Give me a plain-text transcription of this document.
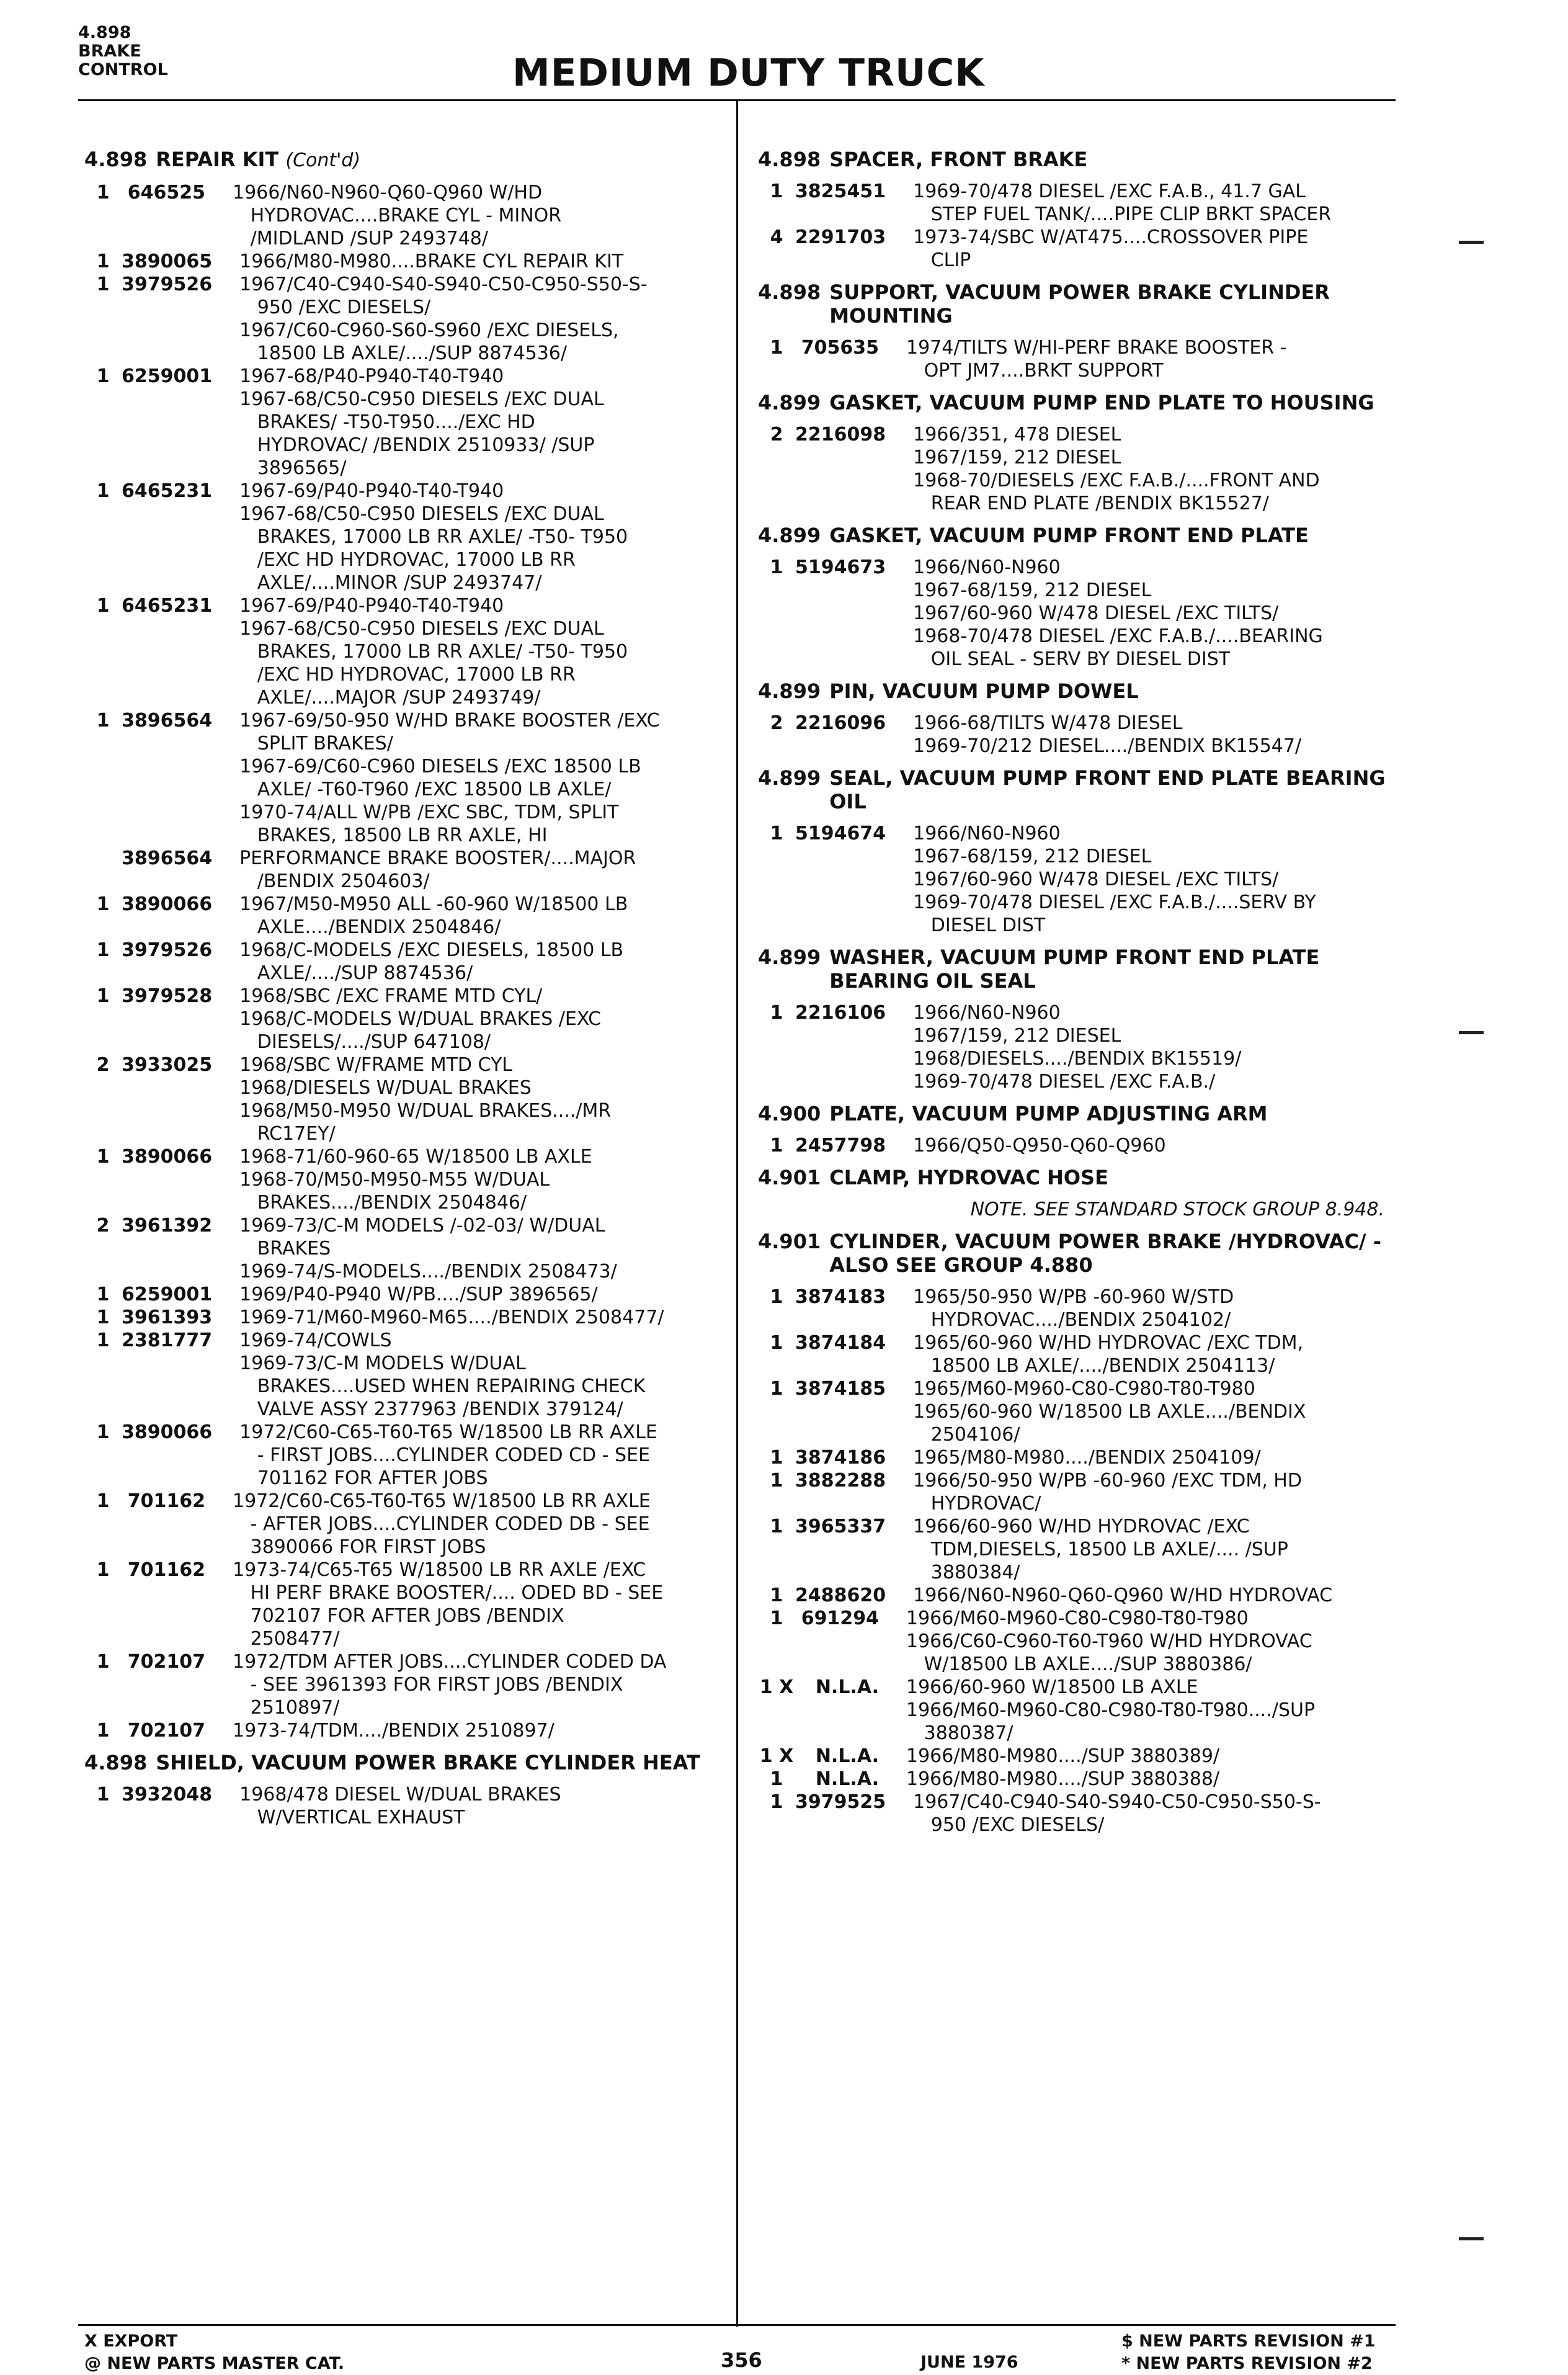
4.898
BRAKE
CONTROL	MEDIUM DUTY TRUCK
4.898 REPAIR KIT (Cont'd)
1 646525 1966/N60-N960-Q60-Q960 W/HD
HYDROVAC....BRAKE CYL - MINOR
/MIDLAND /SUP 2493748/
1 3890065 1966/M80-M980....BRAKE CYL REPAIR KIT
1 3979526 1967/C40-C940-S40-S940-C50-C950-S50-S-
950 /EXC DIESELS/
1967/C60-C960-S60-S960 /EXC DIESELS,
18500 LB AXLE/..../SUP 8874536/
1 6259001 1967-68/P40-P940-T40-T940
1967-68/C50-C950 DIESELS /EXC DUAL
BRAKES/ -T50-T950..../EXC HD
HYDROVAC/ /BENDIX 2510933/ /SUP
3896565/
1 6465231 1967-69/P40-P940-T40-T940
1967-68/C50-C950 DIESELS /EXC DUAL
BRAKES, 17000 LB RR AXLE/ -T50- T950
/EXC HD HYDROVAC, 17000 LB RR
AXLE/....MINOR /SUP 2493747/
1 6465231 1967-69/P40-P940-T40-T940
1967-68/C50-C950 DIESELS /EXC DUAL
BRAKES, 17000 LB RR AXLE/ -T50- T950
/EXC HD HYDROVAC, 17000 LB RR
AXLE/....MAJOR /SUP 2493749/
1 3896564 1967-69/50-950 W/HD BRAKE BOOSTER /EXC
SPLIT BRAKES/
1967-69/C60-C960 DIESELS /EXC 18500 LB
AXLE/ -T60-T960 /EXC 18500 LB AXLE/
1970-74/ALL W/PB /EXC SBC, TDM, SPLIT
BRAKES, 18500 LB RR AXLE, HI
3896564 PERFORMANCE BRAKE BOOSTER/....MAJOR
/BENDIX 2504603/
1 3890066 1967/M50-M950 ALL -60-960 W/18500 LB
AXLE..../BENDIX 2504846/
1 3979526 1968/C-MODELS /EXC DIESELS, 18500 LB
AXLE/..../SUP 8874536/
1 3979528 1968/SBC /EXC FRAME MTD CYL/
1968/C-MODELS W/DUAL BRAKES /EXC
DIESELS/..../SUP 647108/
2 3933025 1968/SBC W/FRAME MTD CYL
1968/DIESELS W/DUAL BRAKES
1968/M50-M950 W/DUAL BRAKES..../MR
RC17EY/
1 3890066 1968-71/60-960-65 W/18500 LB AXLE
1968-70/M50-M950-M55 W/DUAL
BRAKES..../BENDIX 2504846/
2 3961392 1969-73/C-M MODELS /-02-03/ W/DUAL
BRAKES
1969-74/S-MODELS..../BENDIX 2508473/
1 6259001 1969/P40-P940 W/PB..../SUP 3896565/
1 3961393 1969-71/M60-M960-M65..../BENDIX 2508477/
1 2381777 1969-74/COWLS
1969-73/C-M MODELS W/DUAL
BRAKES....USED WHEN REPAIRING CHECK
VALVE ASSY 2377963 /BENDIX 379124/
1 3890066 1972/C60-C65-T60-T65 W/18500 LB RR AXLE
- FIRST JOBS....CYLINDER CODED CD - SEE
701162 FOR AFTER JOBS
1 701162 1972/C60-C65-T60-T65 W/18500 LB RR AXLE
- AFTER JOBS....CYLINDER CODED DB - SEE
3890066 FOR FIRST JOBS
1 701162 1973-74/C65-T65 W/18500 LB RR AXLE /EXC
HI PERF BRAKE BOOSTER/.... ODED BD - SEE
702107 FOR AFTER JOBS /BENDIX
2508477/
1 702107 1972/TDM AFTER JOBS....CYLINDER CODED DA
- SEE 3961393 FOR FIRST JOBS /BENDIX
2510897/
1 702107 1973-74/TDM..../BENDIX 2510897/
4.898 SHIELD, VACUUM POWER BRAKE CYLINDER HEAT
1 3932048 1968/478 DIESEL W/DUAL BRAKES
W/VERTICAL EXHAUST
4.898 SPACER, FRONT BRAKE
1 3825451 1969-70/478 DIESEL /EXC F.A.B., 41.7 GAL
STEP FUEL TANK/....PIPE CLIP BRKT SPACER
4 2291703 1973-74/SBC W/AT475....CROSSOVER PIPE
CLIP
4.898 SUPPORT, VACUUM POWER BRAKE CYLINDER MOUNTING
1 705635 1974/TILTS W/HI-PERF BRAKE BOOSTER -
OPT JM7....BRKT SUPPORT
4.899 GASKET, VACUUM PUMP END PLATE TO HOUSING
2 2216098 1966/351, 478 DIESEL
1967/159, 212 DIESEL
1968-70/DIESELS /EXC F.A.B./....FRONT AND
REAR END PLATE /BENDIX BK15527/
4.899 GASKET, VACUUM PUMP FRONT END PLATE
1 5194673 1966/N60-N960
1967-68/159, 212 DIESEL
1967/60-960 W/478 DIESEL /EXC TILTS/
1968-70/478 DIESEL /EXC F.A.B./....BEARING
OIL SEAL - SERV BY DIESEL DIST
4.899 PIN, VACUUM PUMP DOWEL
2 2216096 1966-68/TILTS W/478 DIESEL
1969-70/212 DIESEL..../BENDIX BK15547/
4.899 SEAL, VACUUM PUMP FRONT END PLATE BEARING OIL
1 5194674 1966/N60-N960
1967-68/159, 212 DIESEL
1967/60-960 W/478 DIESEL /EXC TILTS/
1969-70/478 DIESEL /EXC F.A.B./....SERV BY
DIESEL DIST
4.899 WASHER, VACUUM PUMP FRONT END PLATE BEARING OIL SEAL
1 2216106 1966/N60-N960
1967/159, 212 DIESEL
1968/DIESELS..../BENDIX BK15519/
1969-70/478 DIESEL /EXC F.A.B./
4.900 PLATE, VACUUM PUMP ADJUSTING ARM
1 2457798 1966/Q50-Q950-Q60-Q960
4.901 CLAMP, HYDROVAC HOSE
NOTE. SEE STANDARD STOCK GROUP 8.948.
4.901 CYLINDER, VACUUM POWER BRAKE /HYDROVAC/ - ALSO SEE GROUP 4.880
1 3874183 1965/50-950 W/PB -60-960 W/STD
HYDROVAC..../BENDIX 2504102/
1 3874184 1965/60-960 W/HD HYDROVAC /EXC TDM,
18500 LB AXLE/..../BENDIX 2504113/
1 3874185 1965/M60-M960-C80-C980-T80-T980
1965/60-960 W/18500 LB AXLE..../BENDIX
2504106/
1 3874186 1965/M80-M980..../BENDIX 2504109/
1 3882288 1966/50-950 W/PB -60-960 /EXC TDM, HD
HYDROVAC/
1 3965337 1966/60-960 W/HD HYDROVAC /EXC
TDM,DIESELS, 18500 LB AXLE/.... /SUP
3880384/
1 2488620 1966/N60-N960-Q60-Q960 W/HD HYDROVAC
1 691294 1966/M60-M960-C80-C980-T80-T980
1966/C60-C960-T60-T960 W/HD HYDROVAC
W/18500 LB AXLE..../SUP 3880386/
1 X	N.L.A. 1966/60-960 W/18500 LB AXLE
1966/M60-M960-C80-C980-T80-T980..../SUP
3880387/
1 X	N.L.A. 1966/M80-M980..../SUP 3880389/
1	N.L.A. 1966/M80-M980..../SUP 3880388/
1 3979525 1967/C40-C940-S40-S940-C50-C950-S50-S-
950 /EXC DIESELS/
X EXPORT
@ NEW PARTS MASTER CAT.	356	JUNE 1976
$ NEW PARTS REVISION #1
* NEW PARTS REVISION #2
